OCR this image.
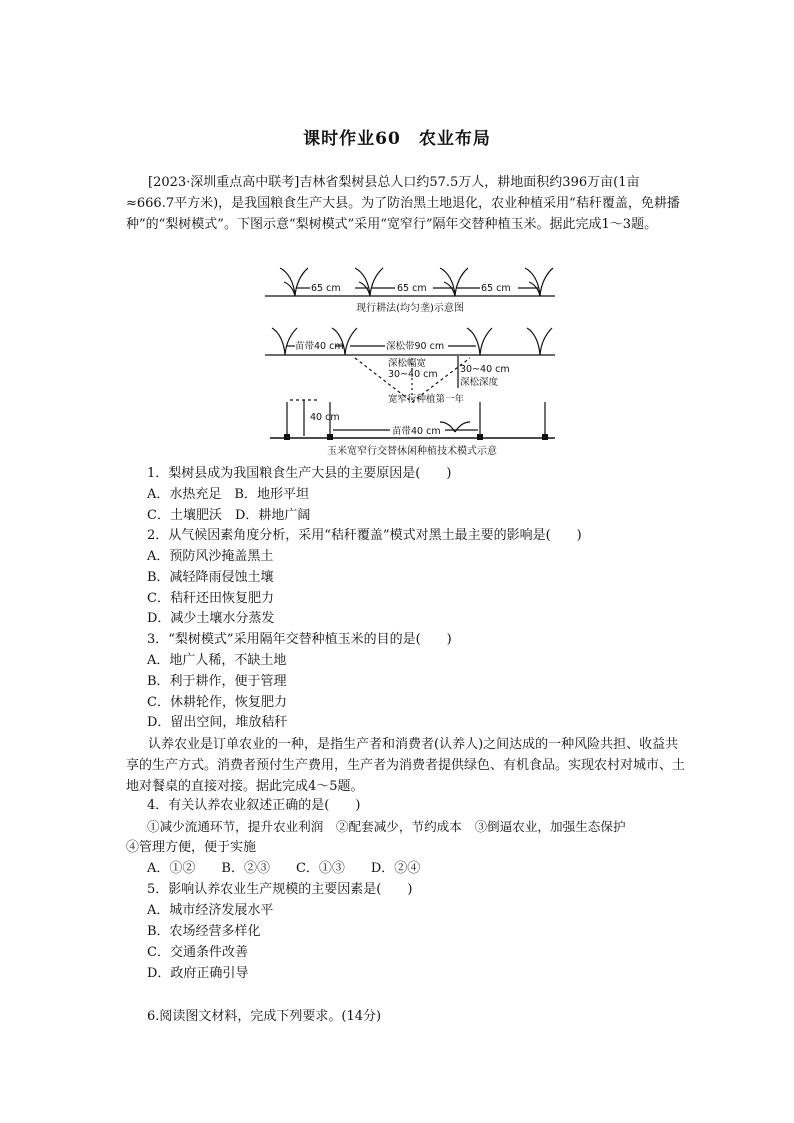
课时作业60　农业布局
[2023·深圳重点高中联考]吉林省梨树县总人口约57.5万人，耕地面积约396万亩(1亩≈666.7平方米)，是我国粮食生产大县。为了防治黑土地退化，农业种植采用“秸秆覆盖，免耕播种”的“梨树模式”。下图示意“梨树模式”采用“宽窄行”隔年交替种植玉米。据此完成1～3题。
65 cm	65 cm	65 cm
现行耕法(均匀垄)示意图
苗带40 cm	深松带90 cm
深松幅宽
30~40 cm 30~40 cm
深松深度
宽窄行种植第一年
40 cm
苗带40 cm
玉米宽窄行交替休闲种植技术模式示意
1．梨树县成为我国粮食生产大县的主要原因是(　　)
A．水热充足　B．地形平坦
C．土壤肥沃　D．耕地广阔
2．从气候因素角度分析，采用“秸秆覆盖”模式对黑土最主要的影响是(　　)
A．预防风沙掩盖黑土
B．减轻降雨侵蚀土壤
C．秸秆还田恢复肥力
D．减少土壤水分蒸发
3．“梨树模式”采用隔年交替种植玉米的目的是(　　)
A．地广人稀，不缺土地
B．利于耕作，便于管理
C．休耕轮作，恢复肥力
D．留出空间，堆放秸秆
认养农业是订单农业的一种，是指生产者和消费者(认养人)之间达成的一种风险共担、收益共享的生产方式。消费者预付生产费用，生产者为消费者提供绿色、有机食品。实现农村对城市、土地对餐桌的直接对接。据此完成4～5题。
4．有关认养农业叙述正确的是(　　)
①减少流通环节，提升农业利润　②配套减少，节约成本　③倒逼农业，加强生态保护
④管理方便，便于实施
A．①②　　B．②③　　C．①③　　D．②④
5．影响认养农业生产规模的主要因素是(　　)
A．城市经济发展水平
B．农场经营多样化
C．交通条件改善
D．政府正确引导
6.阅读图文材料，完成下列要求。(14分)
